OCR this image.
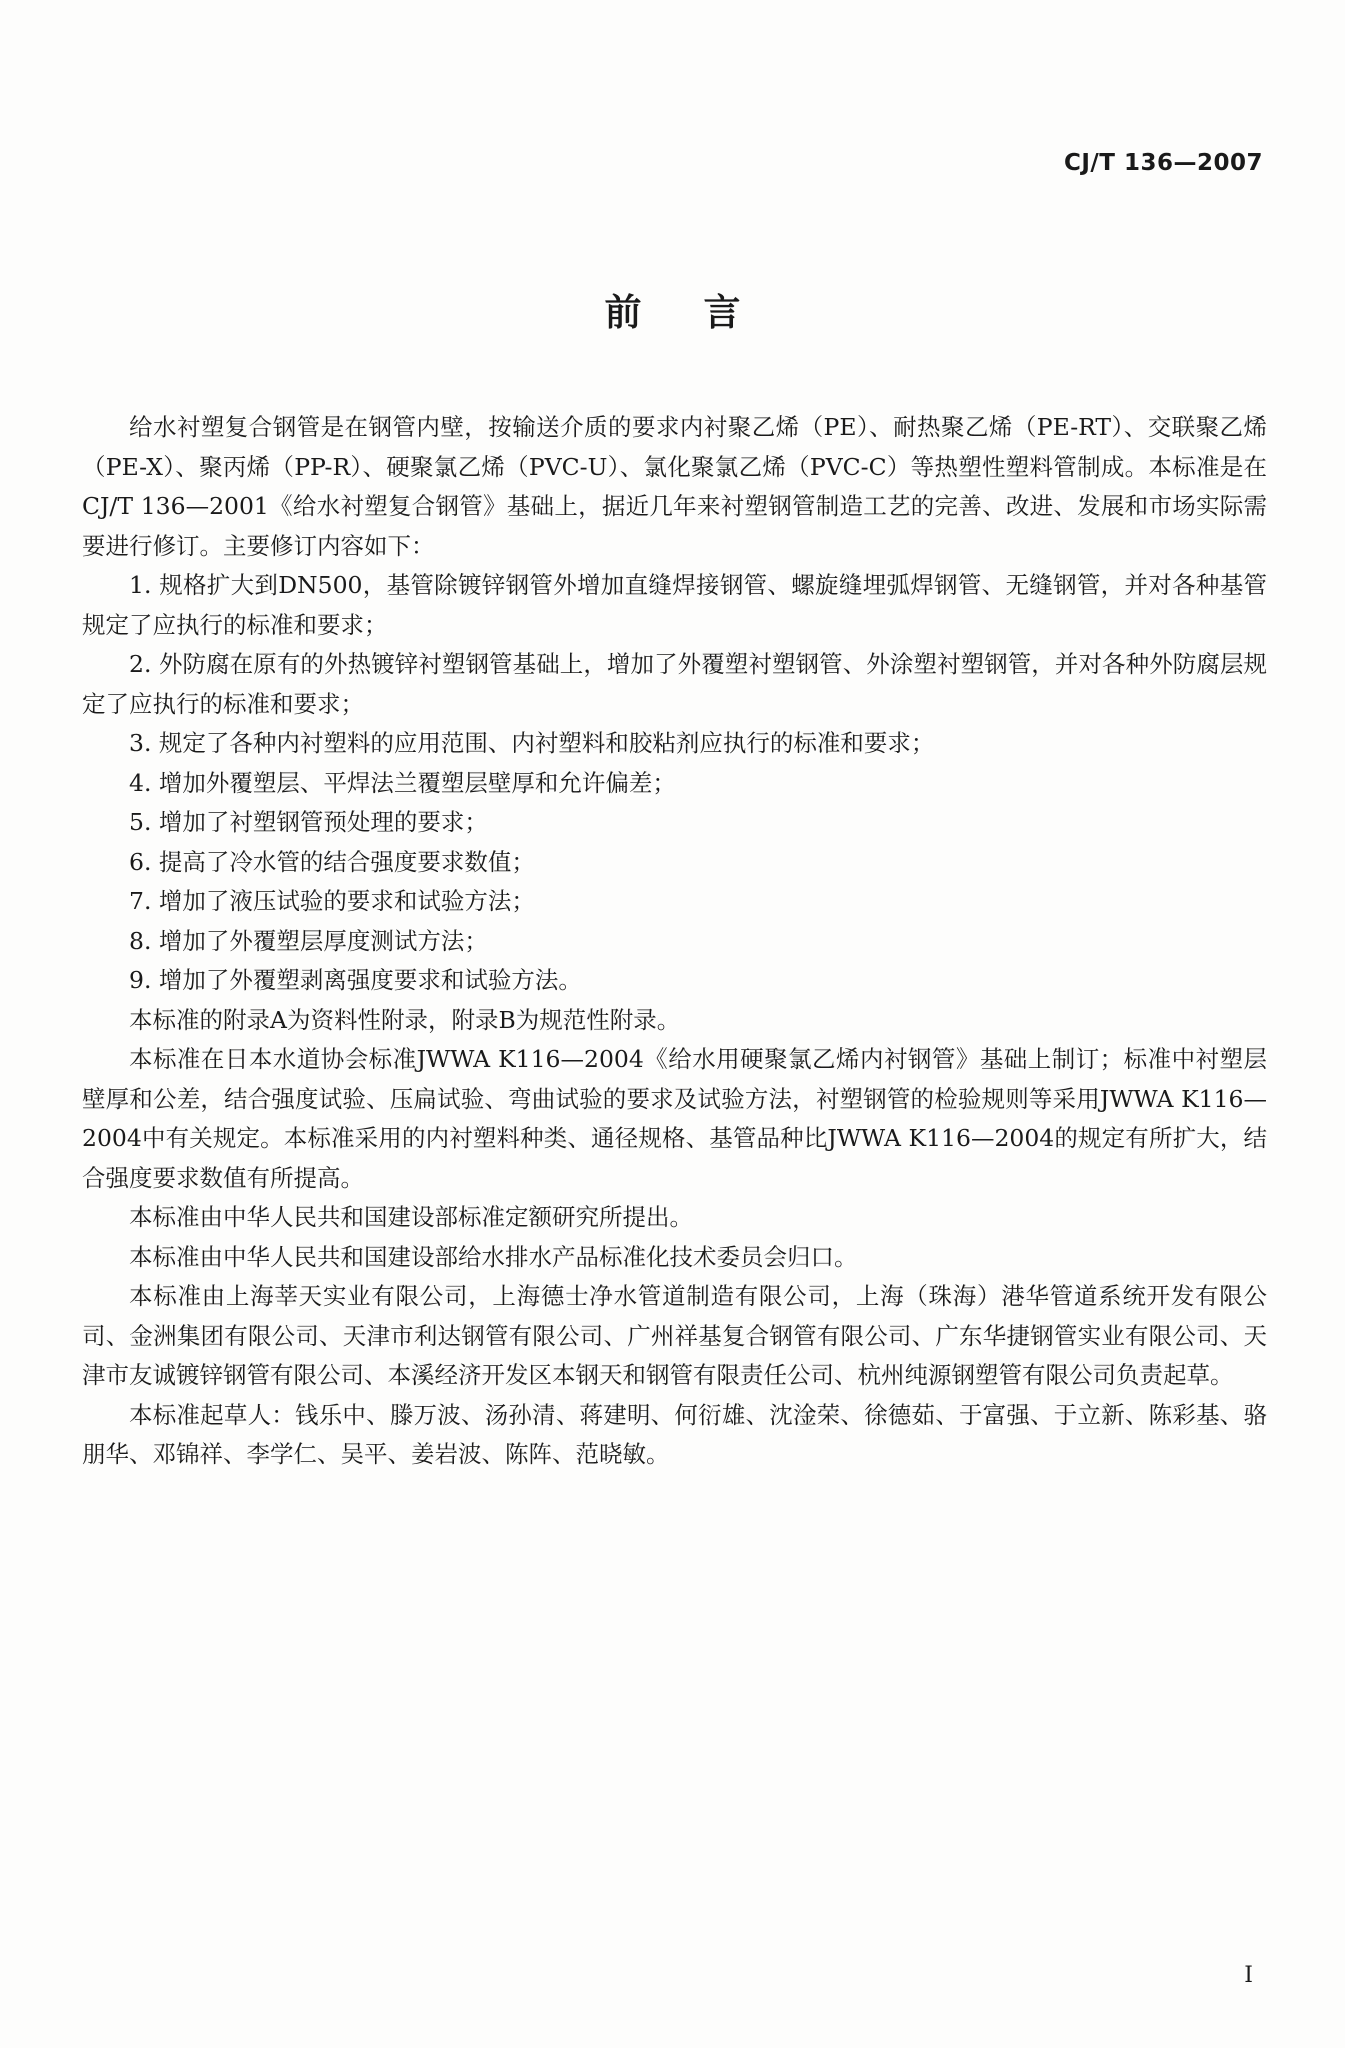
CJ/T 136—2007
前言

给水衬塑复合钢管是在钢管内壁，按输送介质的要求内衬聚乙烯（PE）、耐热聚乙烯（PE-RT）、交联聚乙烯（PE-X）、聚丙烯（PP-R）、硬聚氯乙烯（PVC-U）、氯化聚氯乙烯（PVC-C）等热塑性塑料管制成。本标准是在CJ/T 136—2001《给水衬塑复合钢管》基础上，据近几年来衬塑钢管制造工艺的完善、改进、发展和市场实际需要进行修订。主要修订内容如下：

1. 规格扩大到DN500，基管除镀锌钢管外增加直缝焊接钢管、螺旋缝埋弧焊钢管、无缝钢管，并对各种基管规定了应执行的标准和要求；

2. 外防腐在原有的外热镀锌衬塑钢管基础上，增加了外覆塑衬塑钢管、外涂塑衬塑钢管，并对各种外防腐层规定了应执行的标准和要求；

3. 规定了各种内衬塑料的应用范围、内衬塑料和胶粘剂应执行的标准和要求；

4. 增加外覆塑层、平焊法兰覆塑层壁厚和允许偏差；

5. 增加了衬塑钢管预处理的要求；

6. 提高了冷水管的结合强度要求数值；

7. 增加了液压试验的要求和试验方法；

8. 增加了外覆塑层厚度测试方法；

9. 增加了外覆塑剥离强度要求和试验方法。

本标准的附录A为资料性附录，附录B为规范性附录。

本标准在日本水道协会标准JWWA K116—2004《给水用硬聚氯乙烯内衬钢管》基础上制订；标准中衬塑层壁厚和公差，结合强度试验、压扁试验、弯曲试验的要求及试验方法，衬塑钢管的检验规则等采用JWWA K116—2004中有关规定。本标准采用的内衬塑料种类、通径规格、基管品种比JWWA K116—2004的规定有所扩大，结合强度要求数值有所提高。

本标准由中华人民共和国建设部标准定额研究所提出。

本标准由中华人民共和国建设部给水排水产品标准化技术委员会归口。

本标准由上海莘天实业有限公司，上海德士净水管道制造有限公司，上海（珠海）港华管道系统开发有限公司、金洲集团有限公司、天津市利达钢管有限公司、广州祥基复合钢管有限公司、广东华捷钢管实业有限公司、天津市友诚镀锌钢管有限公司、本溪经济开发区本钢天和钢管有限责任公司、杭州纯源钢塑管有限公司负责起草。

本标准起草人：钱乐中、滕万波、汤孙清、蒋建明、何衍雄、沈淦荣、徐德茹、于富强、于立新、陈彩基、骆朋华、邓锦祥、李学仁、吴平、姜岩波、陈阵、范晓敏。

I
